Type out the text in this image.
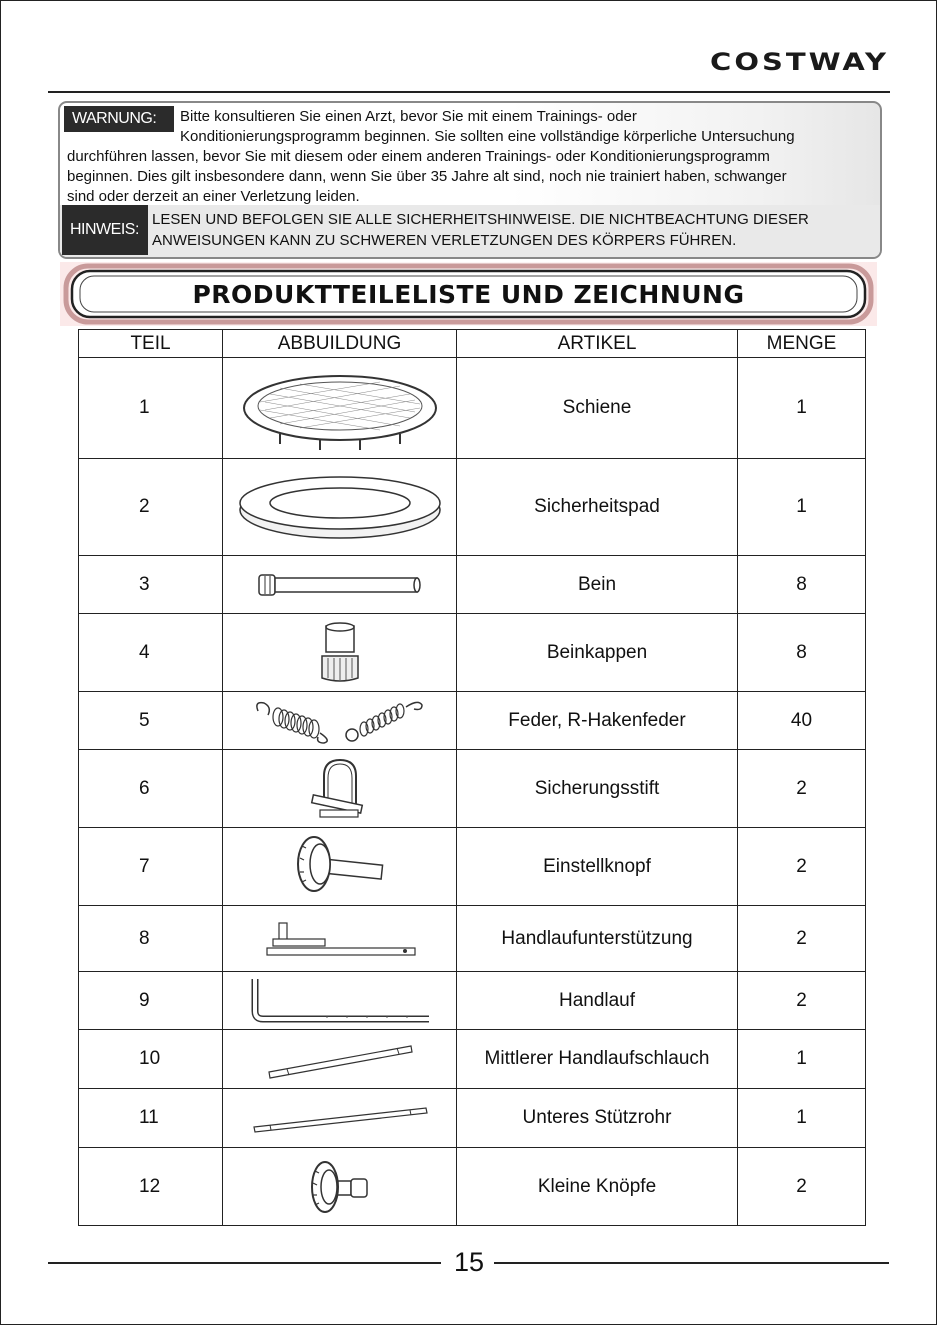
COSTWAY
WARNUNG:	Bitte konsultieren Sie einen Arzt, bevor Sie mit einem Trainings- oder
Konditionierungsprogramm beginnen. Sie sollten eine vollständige körperliche Untersuchung
durchführen lassen, bevor Sie mit diesem oder einem anderen Trainings- oder Konditionierungsprogramm
beginnen. Dies gilt insbesondere dann, wenn Sie über 35 Jahre alt sind, noch nie trainiert haben, schwanger
sind oder derzeit an einer Verletzung leiden.
HINWEIS:
LESEN UND BEFOLGEN SIE ALLE SICHERHEITSHINWEISE. DIE NICHTBEACHTUNG DIESER
ANWEISUNGEN KANN ZU SCHWEREN VERLETZUNGEN DES KÖRPERS FÜHREN.
PRODUKTTEILELISTE UND ZEICHNUNG
TEIL	ABBUILDUNG	ARTIKEL	MENGE
1		Schiene	1
2		Sicherheitspad	1
3		Bein	8
4		Beinkappen	8
5		Feder, R-Hakenfeder	40
6		Sicherungsstift	2
7		Einstellknopf	2
8		Handlaufunterstützung	2
9		Handlauf	2
10		Mittlerer Handlaufschlauch	1
11		Unteres Stützrohr	1
12		Kleine Knöpfe	2
15
